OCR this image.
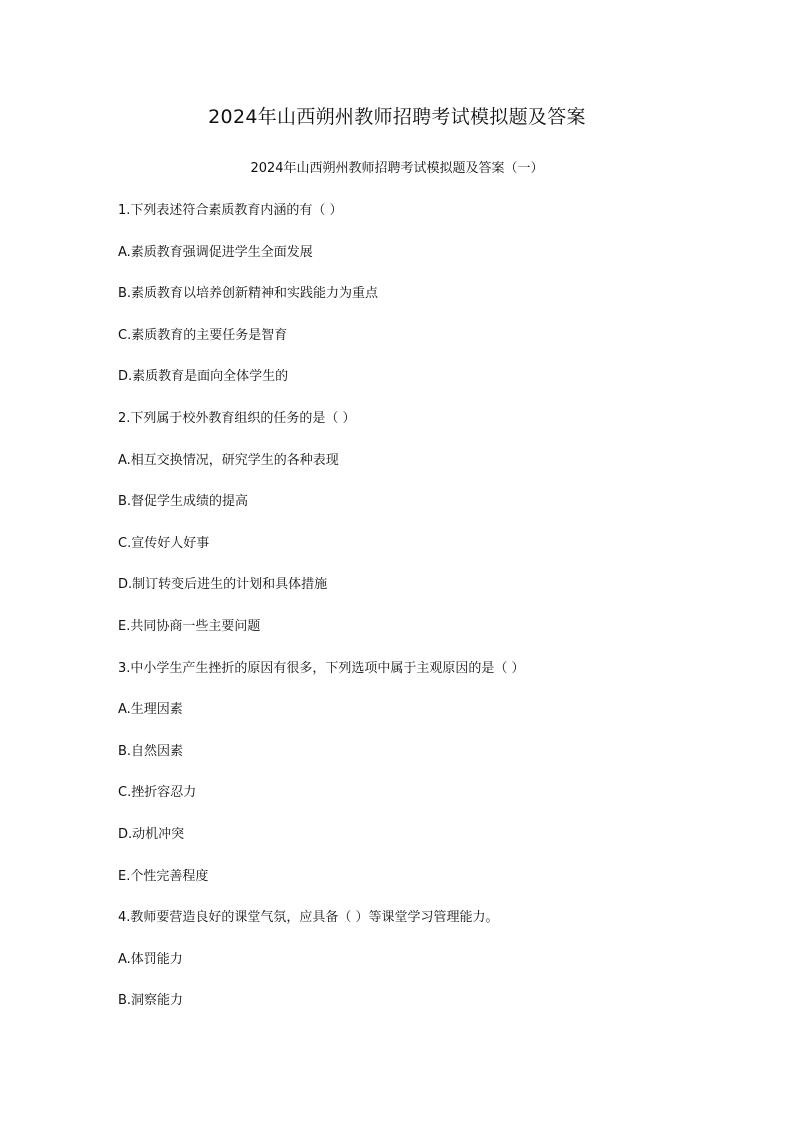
2024年山西朔州教师招聘考试模拟题及答案
2024年山西朔州教师招聘考试模拟题及答案（一）
1.下列表述符合素质教育内涵的有（ ）
A.素质教育强调促进学生全面发展
B.素质教育以培养创新精神和实践能力为重点
C.素质教育的主要任务是智育
D.素质教育是面向全体学生的
2.下列属于校外教育组织的任务的是（ ）
A.相互交换情况，研究学生的各种表现
B.督促学生成绩的提高
C.宣传好人好事
D.制订转变后进生的计划和具体措施
E.共同协商一些主要问题
3.中小学生产生挫折的原因有很多，下列选项中属于主观原因的是（ ）
A.生理因素
B.自然因素
C.挫折容忍力
D.动机冲突
E.个性完善程度
4.教师要营造良好的课堂气氛，应具备（ ）等课堂学习管理能力。
A.体罚能力
B.洞察能力
